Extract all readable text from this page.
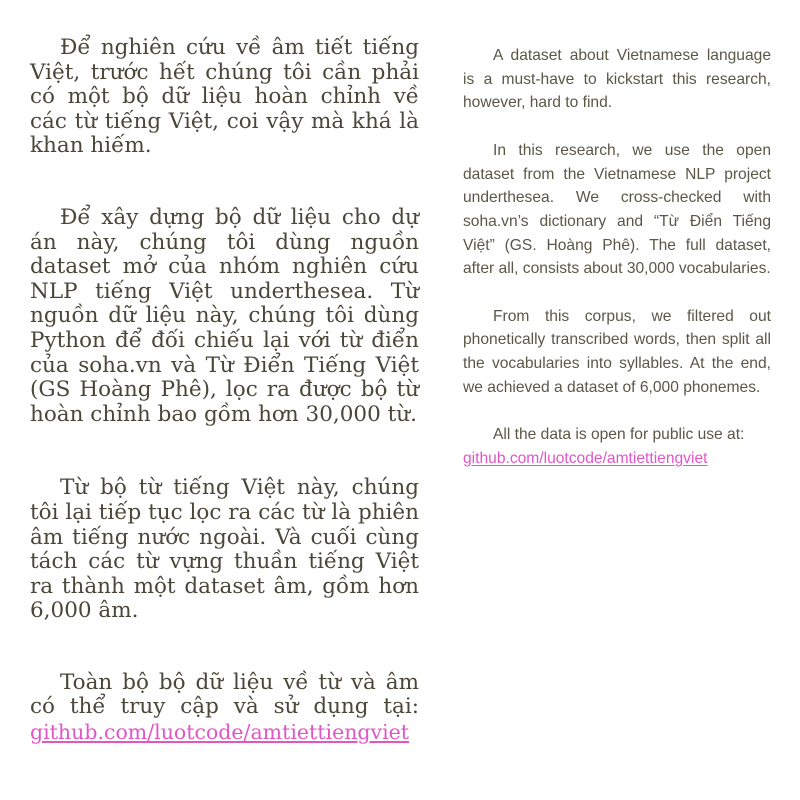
Để nghiên cứu về âm tiết tiếng Việt, trước hết chúng tôi cần phải có một bộ dữ liệu hoàn chỉnh về các từ tiếng Việt, coi vậy mà khá là khan hiếm.

Để xây dựng bộ dữ liệu cho dự án này, chúng tôi dùng nguồn dataset mở của nhóm nghiên cứu NLP tiếng Việt underthesea. Từ nguồn dữ liệu này, chúng tôi dùng Python để đối chiếu lại với từ điển của soha.vn và Từ Điển Tiếng Việt (GS Hoàng Phê), lọc ra được bộ từ hoàn chỉnh bao gồm hơn 30,000 từ.

Từ bộ từ tiếng Việt này, chúng tôi lại tiếp tục lọc ra các từ là phiên âm tiếng nước ngoài. Và cuối cùng tách các từ vựng thuần tiếng Việt ra thành một dataset âm, gồm hơn 6,000 âm.

Toàn bộ bộ dữ liệu về từ và âm có thể truy cập và sử dụng tại: github.com/luotcode/amtiettiengviet

A dataset about Vietnamese language is a must-have to kickstart this research, however, hard to find.

In this research, we use the open dataset from the Vietnamese NLP project underthesea. We cross-checked with soha.vn’s dictionary and “Từ Điển Tiếng Việt” (GS. Hoàng Phê). The full dataset, after all, consists about 30,000 vocabularies.

From this corpus, we filtered out phonetically transcribed words, then split all the vocabularies into syllables. At the end, we achieved a dataset of 6,000 phonemes.

All the data is open for public use at:
github.com/luotcode/amtiettiengviet
